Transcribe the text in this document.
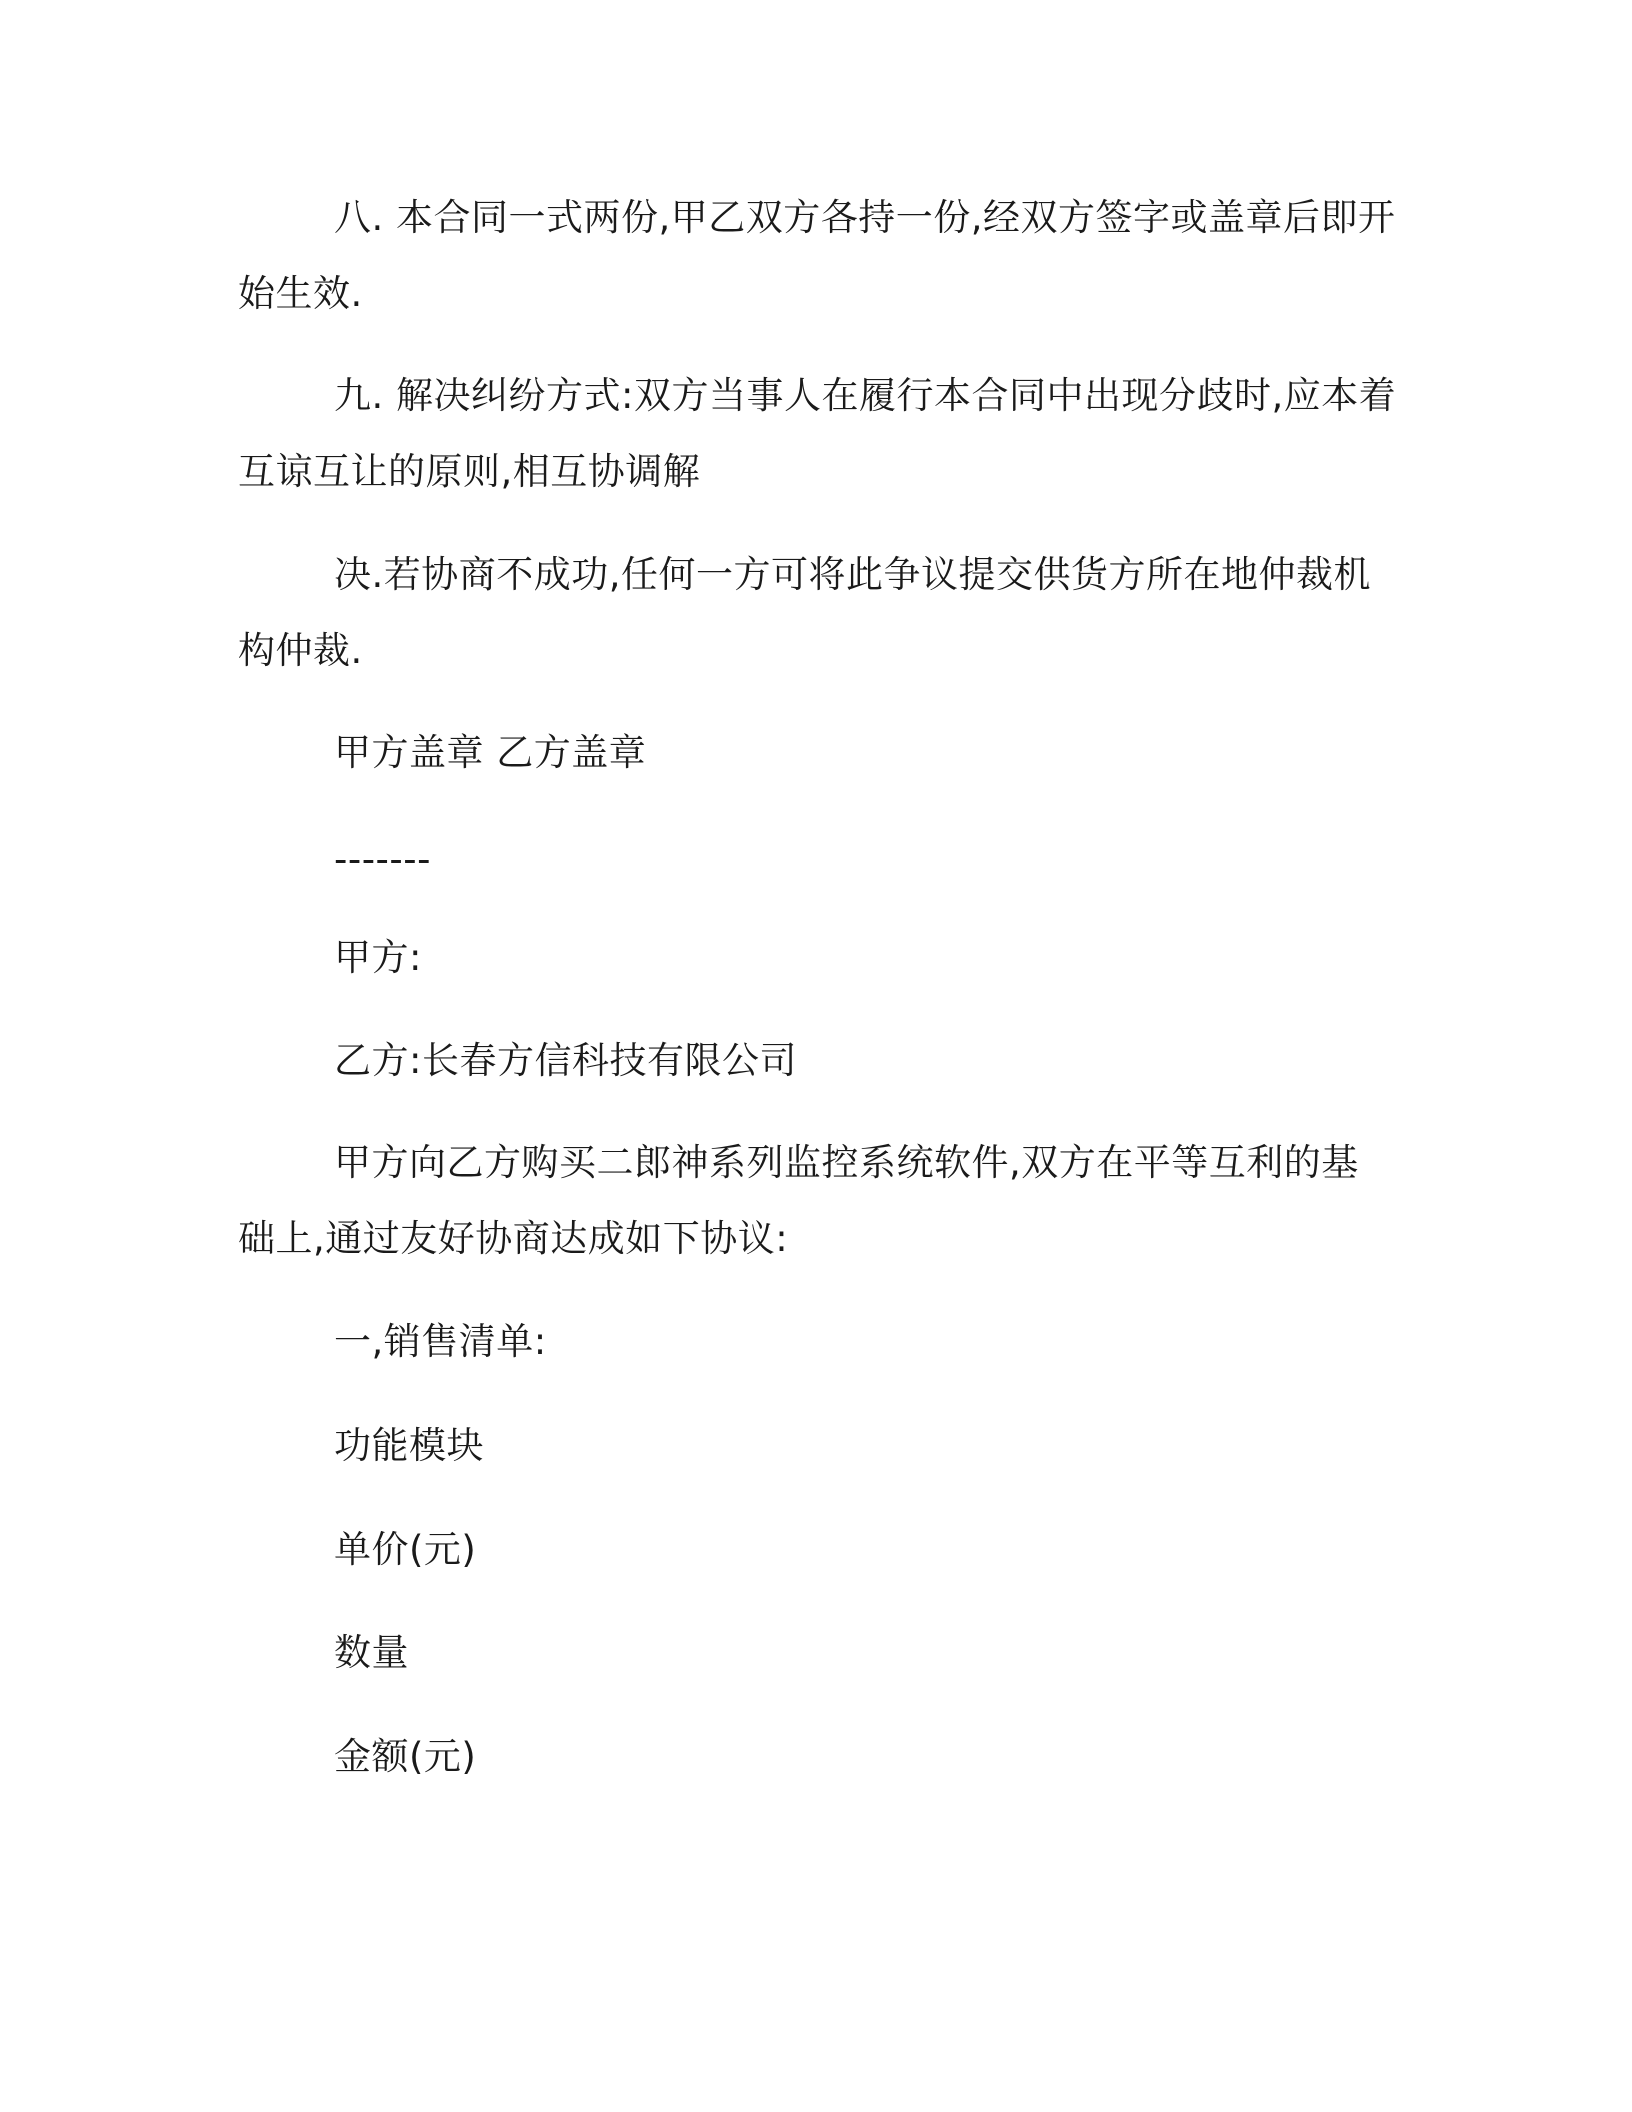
八. 本合同一式两份,甲乙双方各持一份,经双方签字或盖章后即开

始生效.

九. 解决纠纷方式:双方当事人在履行本合同中出现分歧时,应本着

互谅互让的原则,相互协调解

决.若协商不成功,任何一方可将此争议提交供货方所在地仲裁机

构仲裁.

甲方盖章 乙方盖章

-------

甲方:

乙方:长春方信科技有限公司

甲方向乙方购买二郎神系列监控系统软件,双方在平等互利的基

础上,通过友好协商达成如下协议:

一,销售清单:

功能模块

单价(元)

数量

金额(元)
